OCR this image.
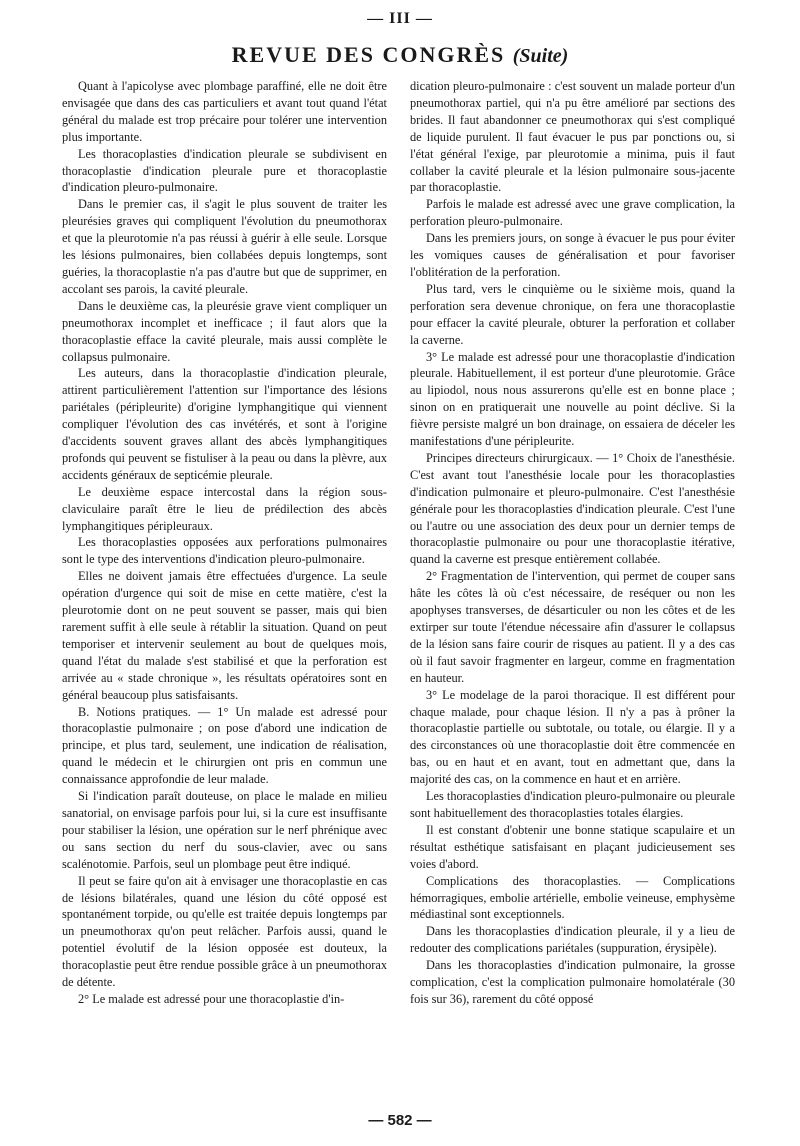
— III —
REVUE DES CONGRÈS (Suite)

Quant à l'apicolyse avec plombage paraffiné, elle ne doit être envisagée que dans des cas particuliers et avant tout quand l'état général du malade est trop précaire pour tolérer une intervention plus importante.

Les thoracoplasties d'indication pleurale se subdivisent en thoracoplastie d'indication pleurale pure et thoracoplastie d'indication pleuro-pulmonaire.

Dans le premier cas, il s'agit le plus souvent de traiter les pleurésies graves qui compliquent l'évolution du pneumothorax et que la pleurotomie n'a pas réussi à guérir à elle seule. Lorsque les lésions pulmonaires, bien collabées depuis longtemps, sont guéries, la thoracoplastie n'a pas d'autre but que de supprimer, en accolant ses parois, la cavité pleurale.

Dans le deuxième cas, la pleurésie grave vient compliquer un pneumothorax incomplet et inefficace ; il faut alors que la thoracoplastie efface la cavité pleurale, mais aussi complète le collapsus pulmonaire.

Les auteurs, dans la thoracoplastie d'indication pleurale, attirent particulièrement l'attention sur l'importance des lésions pariétales (péripleurite) d'origine lymphangitique qui viennent compliquer l'évolution des cas invétérés, et sont à l'origine d'accidents souvent graves allant des abcès lymphangitiques profonds qui peuvent se fistuliser à la peau ou dans la plèvre, aux accidents généraux de septicémie pleurale.

Le deuxième espace intercostal dans la région sous-claviculaire paraît être le lieu de prédilection des abcès lymphangitiques péripleuraux.

Les thoracoplasties opposées aux perforations pulmonaires sont le type des interventions d'indication pleuro-pulmonaire.

Elles ne doivent jamais être effectuées d'urgence. La seule opération d'urgence qui soit de mise en cette matière, c'est la pleurotomie dont on ne peut souvent se passer, mais qui bien rarement suffit à elle seule à rétablir la situation. Quand on peut temporiser et intervenir seulement au bout de quelques mois, quand l'état du malade s'est stabilisé et que la perforation est arrivée au « stade chronique », les résultats opératoires sont en général beaucoup plus satisfaisants.

B. Notions pratiques. — 1° Un malade est adressé pour thoracoplastie pulmonaire ; on pose d'abord une indication de principe, et plus tard, seulement, une indication de réalisation, quand le médecin et le chirurgien ont pris en commun une connaissance approfondie de leur malade.

Si l'indication paraît douteuse, on place le malade en milieu sanatorial, on envisage parfois pour lui, si la cure est insuffisante pour stabiliser la lésion, une opération sur le nerf phrénique avec ou sans section du nerf du sous-clavier, avec ou sans scalénotomie. Parfois, seul un plombage peut être indiqué.

Il peut se faire qu'on ait à envisager une thoracoplastie en cas de lésions bilatérales, quand une lésion du côté opposé est spontanément torpide, ou qu'elle est traitée depuis longtemps par un pneumothorax qu'on peut relâcher. Parfois aussi, quand le potentiel évolutif de la lésion opposée est douteux, la thoracoplastie peut être rendue possible grâce à un pneumothorax de détente.

2° Le malade est adressé pour une thoracoplastie d'in-

dication pleuro-pulmonaire : c'est souvent un malade porteur d'un pneumothorax partiel, qui n'a pu être amélioré par sections des brides. Il faut abandonner ce pneumothorax qui s'est compliqué de liquide purulent. Il faut évacuer le pus par ponctions ou, si l'état général l'exige, par pleurotomie a minima, puis il faut collaber la cavité pleurale et la lésion pulmonaire sous-jacente par thoracoplastie.

Parfois le malade est adressé avec une grave complication, la perforation pleuro-pulmonaire.

Dans les premiers jours, on songe à évacuer le pus pour éviter les vomiques causes de généralisation et pour favoriser l'oblitération de la perforation.

Plus tard, vers le cinquième ou le sixième mois, quand la perforation sera devenue chronique, on fera une thoracoplastie pour effacer la cavité pleurale, obturer la perforation et collaber la caverne.

3° Le malade est adressé pour une thoracoplastie d'indication pleurale. Habituellement, il est porteur d'une pleurotomie. Grâce au lipiodol, nous nous assurerons qu'elle est en bonne place ; sinon on en pratiquerait une nouvelle au point déclive. Si la fièvre persiste malgré un bon drainage, on essaiera de déceler les manifestations d'une péripleurite.

Principes directeurs chirurgicaux. — 1° Choix de l'anesthésie. C'est avant tout l'anesthésie locale pour les thoracoplasties d'indication pulmonaire et pleuro-pulmonaire. C'est l'anesthésie générale pour les thoracoplasties d'indication pleurale. C'est l'une ou l'autre ou une association des deux pour un dernier temps de thoracoplastie pulmonaire ou pour une thoracoplastie itérative, quand la caverne est presque entièrement collabée.

2° Fragmentation de l'intervention, qui permet de couper sans hâte les côtes là où c'est nécessaire, de reséquer ou non les apophyses transverses, de désarticuler ou non les côtes et de les extirper sur toute l'étendue nécessaire afin d'assurer le collapsus de la lésion sans faire courir de risques au patient. Il y a des cas où il faut savoir fragmenter en largeur, comme en fragmentation en hauteur.

3° Le modelage de la paroi thoracique. Il est différent pour chaque malade, pour chaque lésion. Il n'y a pas à prôner la thoracoplastie partielle ou subtotale, ou totale, ou élargie. Il y a des circonstances où une thoracoplastie doit être commencée en bas, ou en haut et en avant, tout en admettant que, dans la majorité des cas, on la commence en haut et en arrière.

Les thoracoplasties d'indication pleuro-pulmonaire ou pleurale sont habituellement des thoracoplasties totales élargies.

Il est constant d'obtenir une bonne statique scapulaire et un résultat esthétique satisfaisant en plaçant judicieusement ses voies d'abord.

Complications des thoracoplasties. — Complications hémorragiques, embolie artérielle, embolie veineuse, emphysème médiastinal sont exceptionnels.

Dans les thoracoplasties d'indication pleurale, il y a lieu de redouter des complications pariétales (suppuration, érysipèle).

Dans les thoracoplasties d'indication pulmonaire, la grosse complication, c'est la complication pulmonaire homolatérale (30 fois sur 36), rarement du côté opposé

— 582 —
